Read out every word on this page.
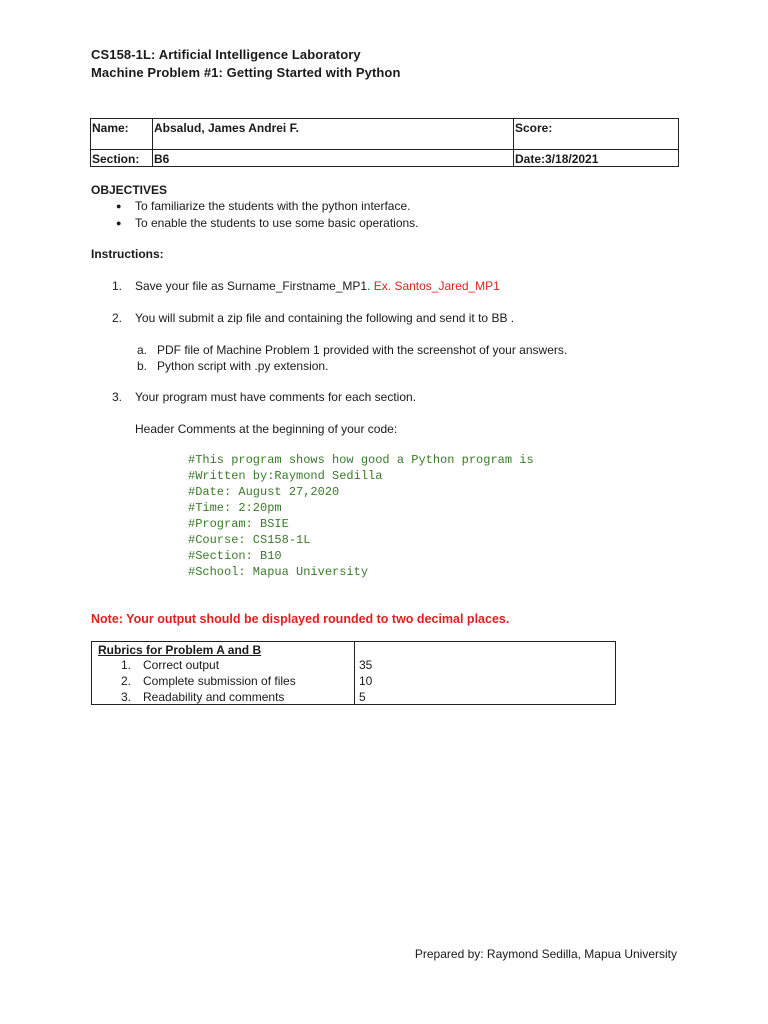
CS158-1L: Artificial Intelligence Laboratory
Machine Problem #1: Getting Started with Python
Name: Absalud, James Andrei F.	Score:
Section: B6	Date:3/18/2021
OBJECTIVES
● To familiarize the students with the python interface.
● To enable the students to use some basic operations.
Instructions:
1. Save your file as Surname_Firstname_MP1. Ex. Santos_Jared_MP1
2. You will submit a zip file and containing the following and send it to BB .
a. PDF file of Machine Problem 1 provided with the screenshot of your answers.
b. Python script with .py extension.
3. Your program must have comments for each section.
Header Comments at the beginning of your code:
#This program shows how good a Python program is
#Written by:Raymond Sedilla
#Date: August 27,2020
#Time: 2:20pm
#Program: BSIE
#Course: CS158-1L
#Section: B10
#School: Mapua University
Note: Your output should be displayed rounded to two decimal places.
Rubrics for Problem A and B
1. Correct output	35
2. Complete submission of files	10
3. Readability and comments	5
Prepared by: Raymond Sedilla, Mapua University
